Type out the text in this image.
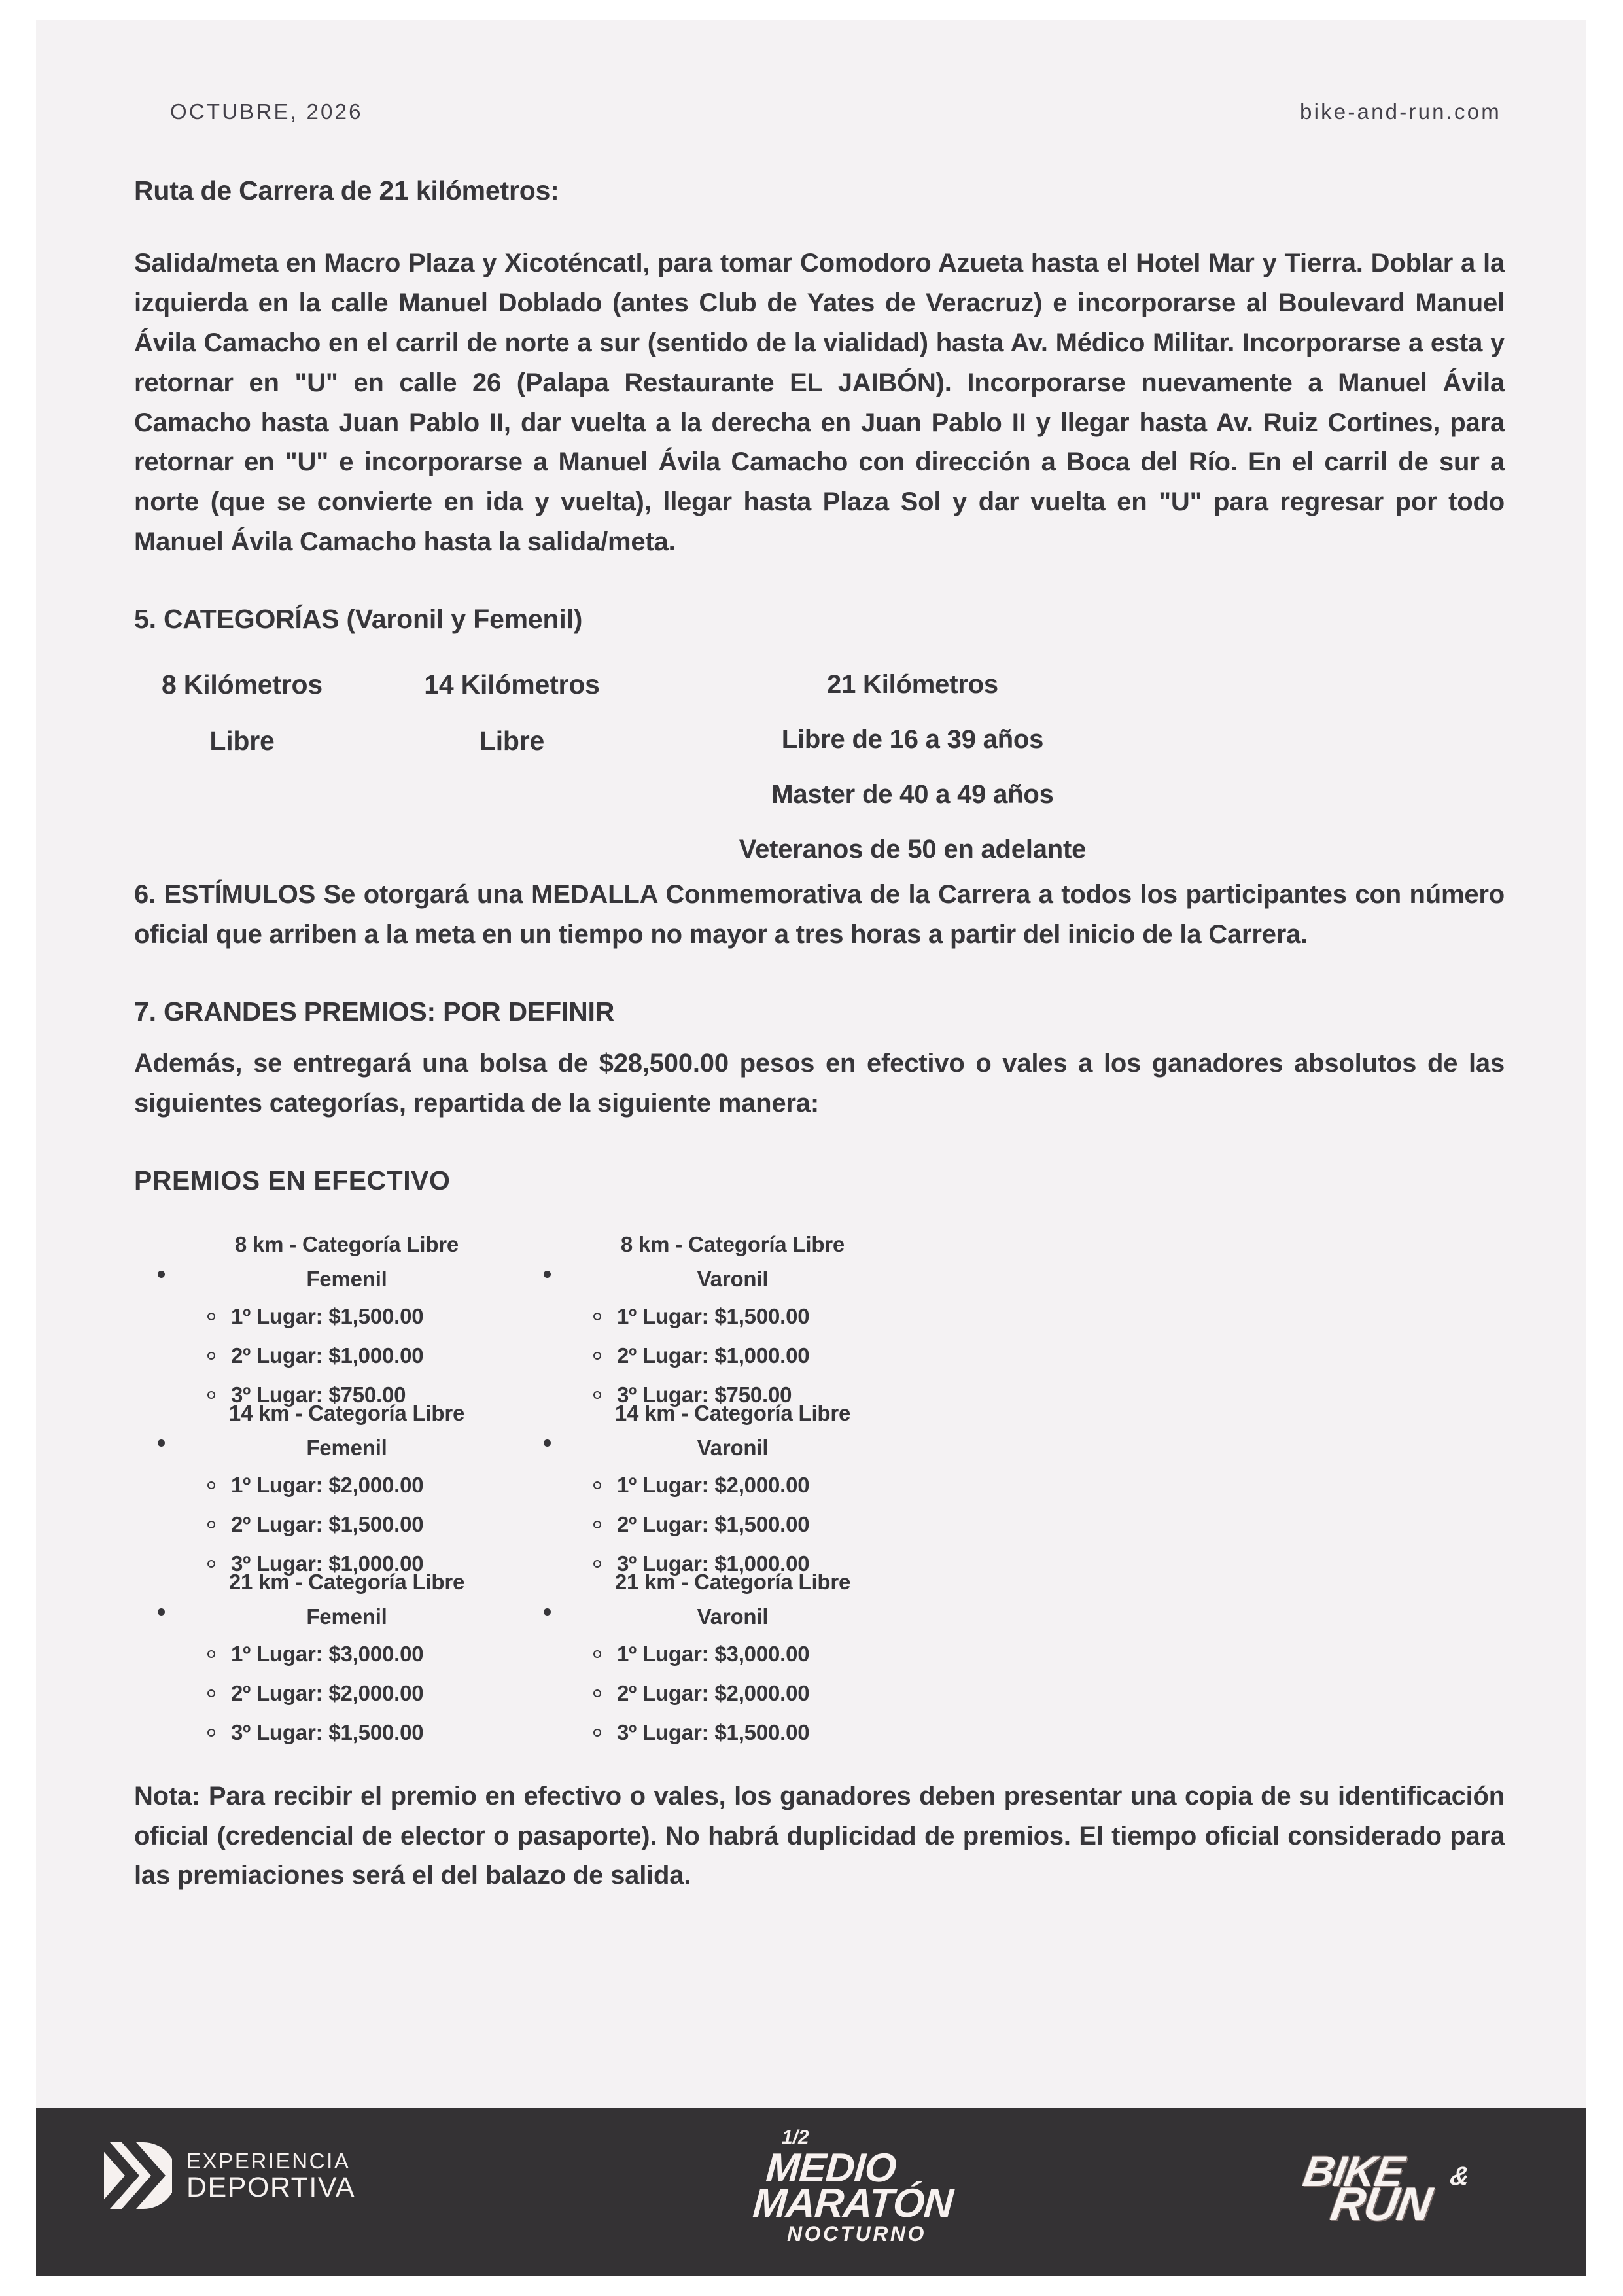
OCTUBRE, 2026	bike-and-run.com
Ruta de Carrera de 21 kilómetros:
Salida/meta en Macro Plaza y Xicoténcatl, para tomar Comodoro Azueta hasta el Hotel Mar y Tierra. Doblar a la izquierda en la calle Manuel Doblado (antes Club de Yates de Veracruz) e incorporarse al Boulevard Manuel Ávila Camacho en el carril de norte a sur (sentido de la vialidad) hasta Av. Médico Militar. Incorporarse a esta y retornar en "U" en calle 26 (Palapa Restaurante EL JAIBÓN). Incorporarse nuevamente a Manuel Ávila Camacho hasta Juan Pablo II, dar vuelta a la derecha en Juan Pablo II y llegar hasta Av. Ruiz Cortines, para retornar en "U" e incorporarse a Manuel Ávila Camacho con dirección a Boca del Río. En el carril de sur a norte (que se convierte en ida y vuelta), llegar hasta Plaza Sol y dar vuelta en "U" para regresar por todo Manuel Ávila Camacho hasta la salida/meta.
5. CATEGORÍAS (Varonil y Femenil)
8 Kilómetros
Libre
14 Kilómetros
Libre
21 Kilómetros
Libre de 16 a 39 años
Master de 40 a 49 años
Veteranos de 50 en adelante
6. ESTÍMULOS Se otorgará una MEDALLA Conmemorativa de la Carrera a todos los participantes con número oficial que arriben a la meta en un tiempo no mayor a tres horas a partir del inicio de la Carrera.
7. GRANDES PREMIOS: POR DEFINIR
Además, se entregará una bolsa de $28,500.00 pesos en efectivo o vales a los ganadores absolutos de las siguientes categorías, repartida de la siguiente manera:
PREMIOS EN EFECTIVO
8 km - Categoría Libre
Femenil
1º Lugar: $1,500.00
2º Lugar: $1,000.00
3º Lugar: $750.00
8 km - Categoría Libre
Varonil
1º Lugar: $1,500.00
2º Lugar: $1,000.00
3º Lugar: $750.00
14 km - Categoría Libre
Femenil
1º Lugar: $2,000.00
2º Lugar: $1,500.00
3º Lugar: $1,000.00
14 km - Categoría Libre
Varonil
1º Lugar: $2,000.00
2º Lugar: $1,500.00
3º Lugar: $1,000.00
21 km - Categoría Libre
Femenil
1º Lugar: $3,000.00
2º Lugar: $2,000.00
3º Lugar: $1,500.00
21 km - Categoría Libre
Varonil
1º Lugar: $3,000.00
2º Lugar: $2,000.00
3º Lugar: $1,500.00
Nota: Para recibir el premio en efectivo o vales, los ganadores deben presentar una copia de su identificación oficial (credencial de elector o pasaporte). No habrá duplicidad de premios. El tiempo oficial considerado para las premiaciones será el del balazo de salida.
EXPERIENCIA
DEPORTIVA
1/2
MEDIO
MARATÓN
NOCTURNO
BIKE &
RUN
